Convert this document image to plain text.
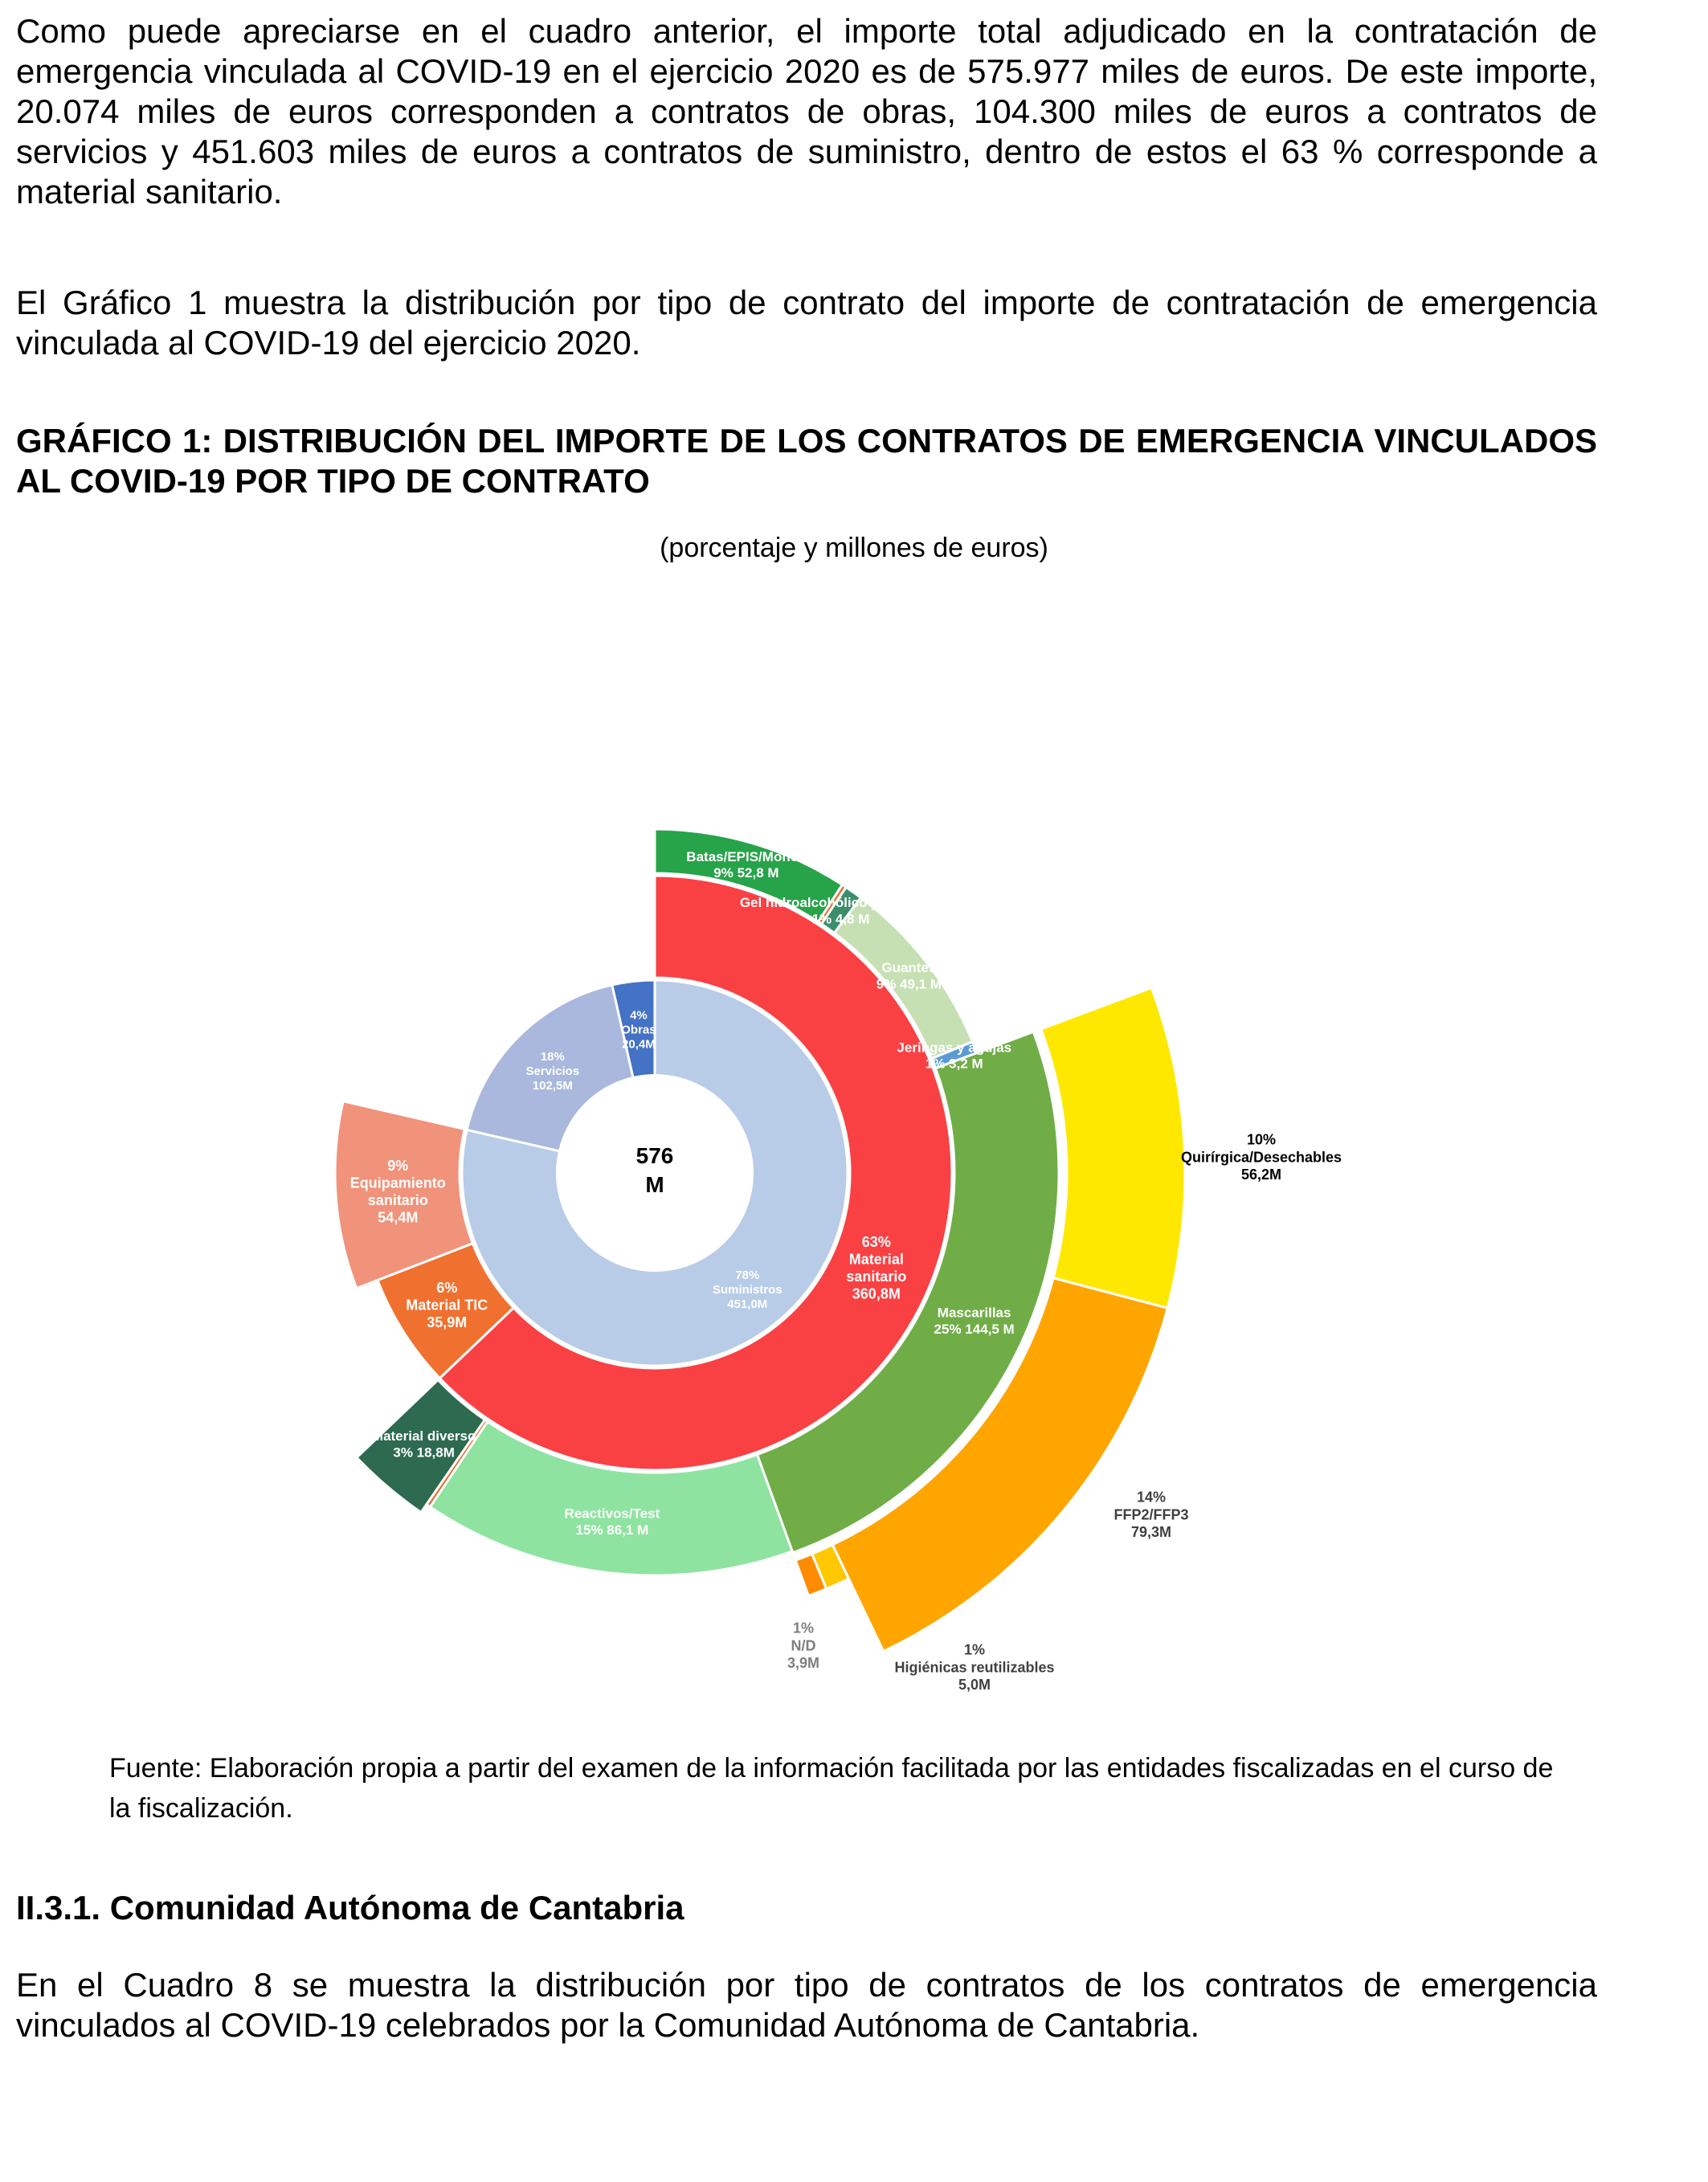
Como puede apreciarse en el cuadro anterior, el importe total adjudicado en la contratación de emergencia vinculada al COVID-19 en el ejercicio 2020 es de 575.977 miles de euros. De este importe, 20.074 miles de euros corresponden a contratos de obras, 104.300 miles de euros a contratos de servicios y 451.603 miles de euros a contratos de suministro, dentro de estos el 63 % corresponde a material sanitario.

El Gráfico 1 muestra la distribución por tipo de contrato del importe de contratación de emergencia vinculada al COVID-19 del ejercicio 2020.

GRÁFICO 1: DISTRIBUCIÓN DEL IMPORTE DE LOS CONTRATOS DE EMERGENCIA VINCULADOS AL COVID-19 POR TIPO DE CONTRATO

(porcentaje y millones de euros)

78%
Suministros
451,0M
18%
Servicios
102,5M
4%
Obras
20,4M
63%
Material
sanitario
360,8M
6%
Material TIC
35,9M
9%
Equipamiento
sanitario
54,4M
Batas/EPIS/Monos
9% 52,8 M
Gel hidroalcohólico y similares
1% 4,8 M
Guantes
9% 49,1 M
Jeringas y agujas
1% 3,2 M
Mascarillas
25% 144,5 M
Reactivos/Test
15% 86,1 M
Material diverso
3% 18,8M
10%
Quirírgica/Desechables
56,2M
14%
FFP2/FFP3
79,3M
1%
Higiénicas reutilizables
5,0M
1%
N/D
3,9M
576
M

Fuente: Elaboración propia a partir del examen de la información facilitada por las entidades fiscalizadas en el curso de la fiscalización.

II.3.1. Comunidad Autónoma de Cantabria

En el Cuadro 8 se muestra la distribución por tipo de contratos de los contratos de emergencia vinculados al COVID-19 celebrados por la Comunidad Autónoma de Cantabria.
